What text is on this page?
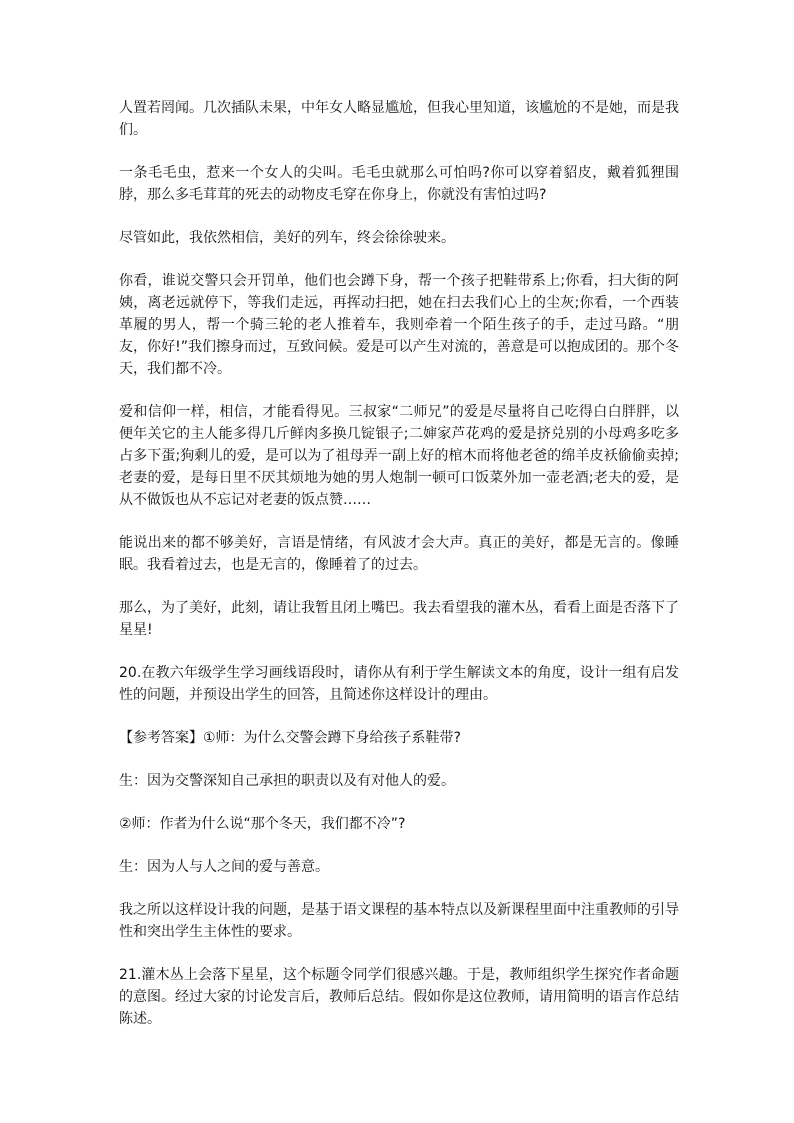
人置若罔闻。几次插队未果，中年女人略显尴尬，但我心里知道，该尴尬的不是她，而是我们。

一条毛毛虫，惹来一个女人的尖叫。毛毛虫就那么可怕吗?你可以穿着貂皮，戴着狐狸围脖，那么多毛茸茸的死去的动物皮毛穿在你身上，你就没有害怕过吗?

尽管如此，我依然相信，美好的列车，终会徐徐驶来。

你看，谁说交警只会开罚单，他们也会蹲下身，帮一个孩子把鞋带系上;你看，扫大街的阿姨，离老远就停下，等我们走远，再挥动扫把，她在扫去我们心上的尘灰;你看，一个西装革履的男人，帮一个骑三轮的老人推着车，我则牵着一个陌生孩子的手，走过马路。“朋友，你好!”我们擦身而过，互致问候。爱是可以产生对流的，善意是可以抱成团的。那个冬天，我们都不冷。

爱和信仰一样，相信，才能看得见。三叔家“二师兄”的爱是尽量将自己吃得白白胖胖，以便年关它的主人能多得几斤鲜肉多换几锭银子;二婶家芦花鸡的爱是挤兑别的小母鸡多吃多占多下蛋;狗剩儿的爱，是可以为了祖母弄一副上好的棺木而将他老爸的绵羊皮袄偷偷卖掉;老妻的爱，是每日里不厌其烦地为她的男人炮制一顿可口饭菜外加一壶老酒;老夫的爱，是从不做饭也从不忘记对老妻的饭点赞……

能说出来的都不够美好，言语是情绪，有风波才会大声。真正的美好，都是无言的。像睡眠。我看着过去，也是无言的，像睡着了的过去。

那么，为了美好，此刻，请让我暂且闭上嘴巴。我去看望我的灌木丛，看看上面是否落下了星星!

20.在教六年级学生学习画线语段时，请你从有利于学生解读文本的角度，设计一组有启发性的问题，并预设出学生的回答，且简述你这样设计的理由。

【参考答案】①师：为什么交警会蹲下身给孩子系鞋带?

生：因为交警深知自己承担的职责以及有对他人的爱。

②师：作者为什么说“那个冬天，我们都不冷”?

生：因为人与人之间的爱与善意。

我之所以这样设计我的问题，是基于语文课程的基本特点以及新课程里面中注重教师的引导性和突出学生主体性的要求。

21.灌木丛上会落下星星，这个标题令同学们很感兴趣。于是，教师组织学生探究作者命题的意图。经过大家的讨论发言后，教师后总结。假如你是这位教师，请用简明的语言作总结陈述。
